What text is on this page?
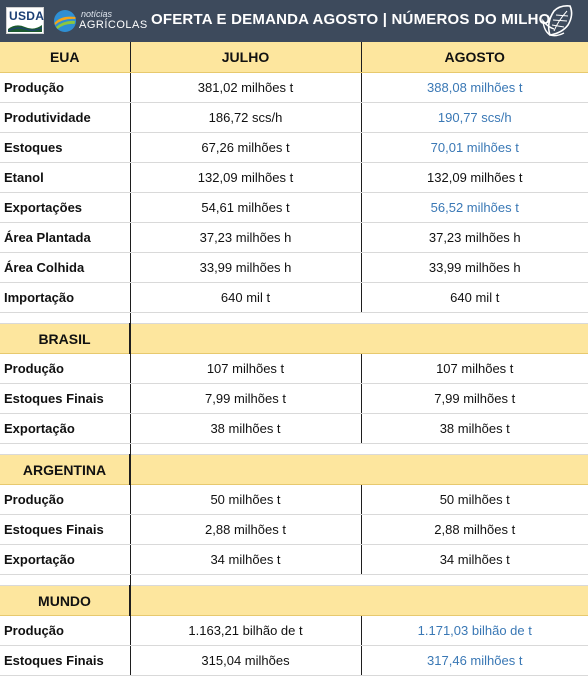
USDA	notícias
AGRÍCOLAS OFERTA E DEMANDA AGOSTO | NÚMEROS DO MILHO
EUA	JULHO	AGOSTO
Produção	381,02 milhões t	388,08 milhões t
Produtividade	186,72 scs/h	190,77 scs/h
Estoques	67,26 milhões t	70,01 milhões t
Etanol	132,09 milhões t	132,09 milhões t
Exportações	54,61 milhões t	56,52 milhões t
Área Plantada	37,23 milhões h	37,23 milhões h
Área Colhida	33,99 milhões h	33,99 milhões h
Importação	640 mil t	640 mil t

BRASIL		
Produção	107 milhões t	107 milhões t
Estoques Finais	7,99 milhões t	7,99 milhões t
Exportação	38 milhões t	38 milhões t

ARGENTINA		
Produção	50 milhões t	50 milhões t
Estoques Finais	2,88 milhões t	2,88 milhões t
Exportação	34 milhões t	34 milhões t

MUNDO		
Produção	1.163,21 bilhão de t	1.171,03 bilhão de t
Estoques Finais	315,04 milhões	317,46 milhões t
